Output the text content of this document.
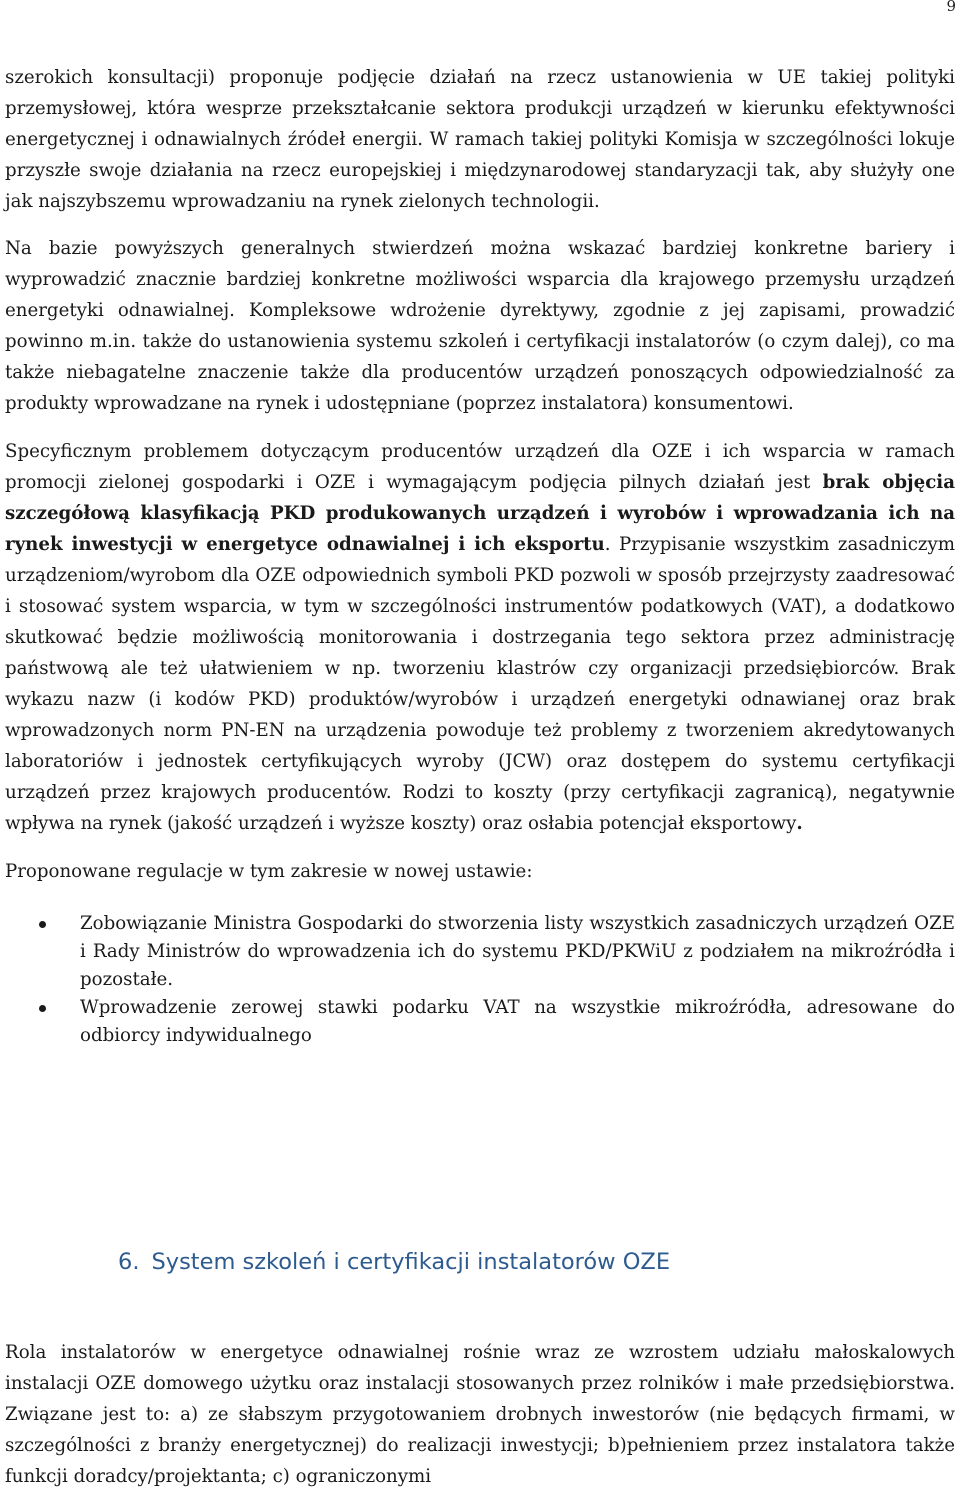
9

szerokich konsultacji) proponuje podjęcie działań na rzecz ustanowienia w UE takiej polityki przemysłowej, która wesprze przekształcanie sektora produkcji urządzeń w kierunku efektywności energetycznej i odnawialnych źródeł energii. W ramach takiej polityki Komisja w szczególności lokuje przyszłe swoje działania na rzecz europejskiej i międzynarodowej standaryzacji tak, aby służyły one jak najszybszemu wprowadzaniu na rynek zielonych technologii.

Na bazie powyższych generalnych stwierdzeń można wskazać bardziej konkretne bariery i wyprowadzić znacznie bardziej konkretne możliwości wsparcia dla krajowego przemysłu urządzeń energetyki odnawialnej. Kompleksowe wdrożenie dyrektywy, zgodnie z jej zapisami, prowadzić powinno m.in. także do ustanowienia systemu szkoleń i certyfikacji instalatorów (o czym dalej), co ma także niebagatelne znaczenie także dla producentów urządzeń ponoszących odpowiedzialność za produkty wprowadzane na rynek i udostępniane (poprzez instalatora) konsumentowi.

Specyficznym problemem dotyczącym producentów urządzeń dla OZE i ich wsparcia w ramach promocji zielonej gospodarki i OZE i wymagającym podjęcia pilnych działań jest brak objęcia szczegółową klasyfikacją PKD produkowanych urządzeń i wyrobów i wprowadzania ich na rynek inwestycji w energetyce odnawialnej i ich eksportu. Przypisanie wszystkim zasadniczym urządzeniom/wyrobom dla OZE odpowiednich symboli PKD pozwoli w sposób przejrzysty zaadresować i stosować system wsparcia, w tym w szczególności instrumentów podatkowych (VAT), a dodatkowo skutkować będzie możliwością monitorowania i dostrzegania tego sektora przez administrację państwową ale też ułatwieniem w np. tworzeniu klastrów czy organizacji przedsiębiorców. Brak wykazu nazw (i kodów PKD) produktów/wyrobów i urządzeń energetyki odnawianej oraz brak wprowadzonych norm PN-EN na urządzenia powoduje też problemy z tworzeniem akredytowanych laboratoriów i jednostek certyfikujących wyroby (JCW) oraz dostępem do systemu certyfikacji urządzeń przez krajowych producentów. Rodzi to koszty (przy certyfikacji zagranicą), negatywnie wpływa na rynek (jakość urządzeń i wyższe koszty) oraz osłabia potencjał eksportowy.

Proponowane regulacje w tym zakresie w nowej ustawie:

Zobowiązanie Ministra Gospodarki do stworzenia listy wszystkich zasadniczych urządzeń OZE i Rady Ministrów do wprowadzenia ich do systemu PKD/PKWiU z podziałem na mikroźródła i pozostałe.
Wprowadzenie zerowej stawki podarku VAT na wszystkie mikroźródła, adresowane do odbiorcy indywidualnego
6. System szkoleń i certyfikacji instalatorów OZE

Rola instalatorów w energetyce odnawialnej rośnie wraz ze wzrostem udziału małoskalowych instalacji OZE domowego użytku oraz instalacji stosowanych przez rolników i małe przedsiębiorstwa. Związane jest to: a) ze słabszym przygotowaniem drobnych inwestorów (nie będących firmami, w szczególności z branży energetycznej) do realizacji inwestycji; b)pełnieniem przez instalatora także funkcji doradcy/projektanta; c) ograniczonymi
